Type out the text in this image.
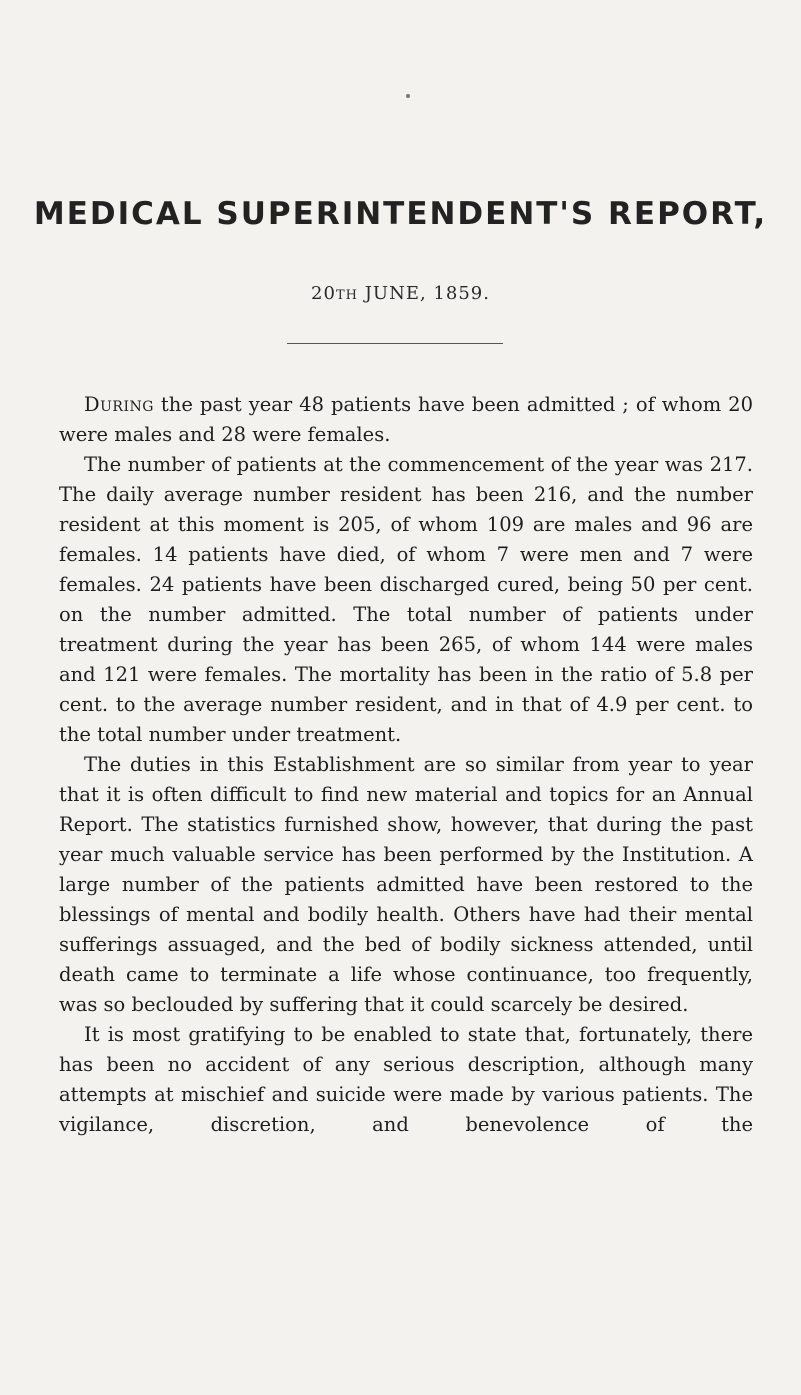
MEDICAL SUPERINTENDENT'S REPORT,
20TH JUNE, 1859.

During the past year 48 patients have been admitted ; of whom 20 were males and 28 were females.

The number of patients at the commencement of the year was 217. The daily average number resident has been 216, and the number resident at this moment is 205, of whom 109 are males and 96 are females. 14 patients have died, of whom 7 were men and 7 were females. 24 patients have been discharged cured, being 50 per cent. on the number admitted. The total number of patients under treatment during the year has been 265, of whom 144 were males and 121 were females. The mortality has been in the ratio of 5.8 per cent. to the average number resident, and in that of 4.9 per cent. to the total number under treatment.

The duties in this Establishment are so similar from year to year that it is often difficult to find new material and topics for an Annual Report. The statistics furnished show, however, that during the past year much valuable service has been performed by the Institution. A large number of the patients admitted have been restored to the blessings of mental and bodily health. Others have had their mental sufferings assuaged, and the bed of bodily sickness attended, until death came to terminate a life whose continuance, too frequently, was so beclouded by suffering that it could scarcely be desired.

It is most gratifying to be enabled to state that, fortunately, there has been no accident of any serious description, although many attempts at mischief and suicide were made by various patients. The vigilance, discretion, and benevolence of the
